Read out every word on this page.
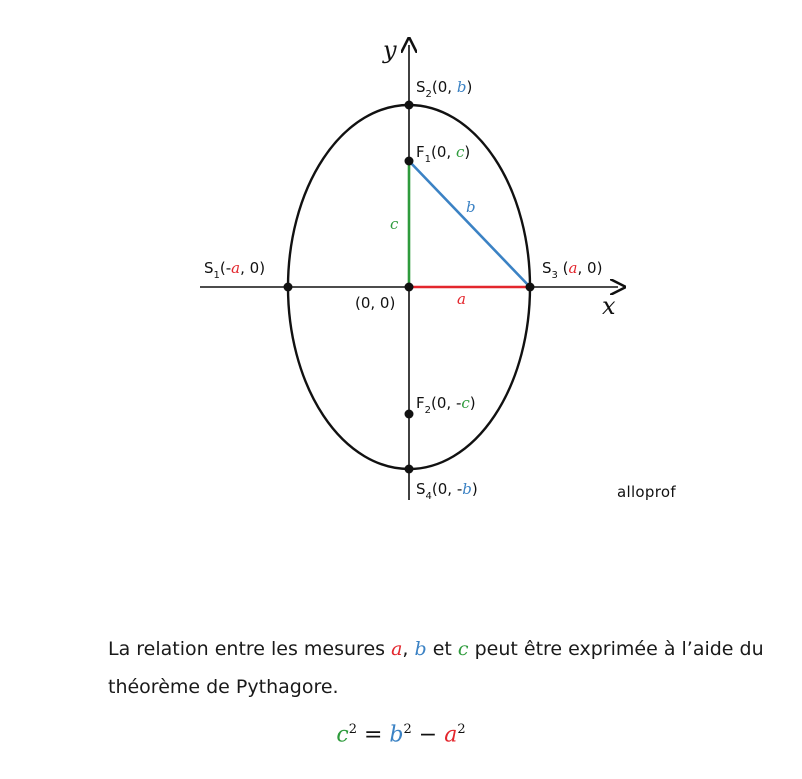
x
y
c
a
b
$S_2(0$, b)
$F_1(0$, c)
$S_1(-a$, 0)	$S_3$ (a, 0)
(0, 0)
$F_2(0$, -c)
$S_4(0$, -b)	alloprof
La relation entre les mesures a, b et c peut être exprimée à l’aide du théorème de Pythagore.
$c^2 = b^2 - a^2$
